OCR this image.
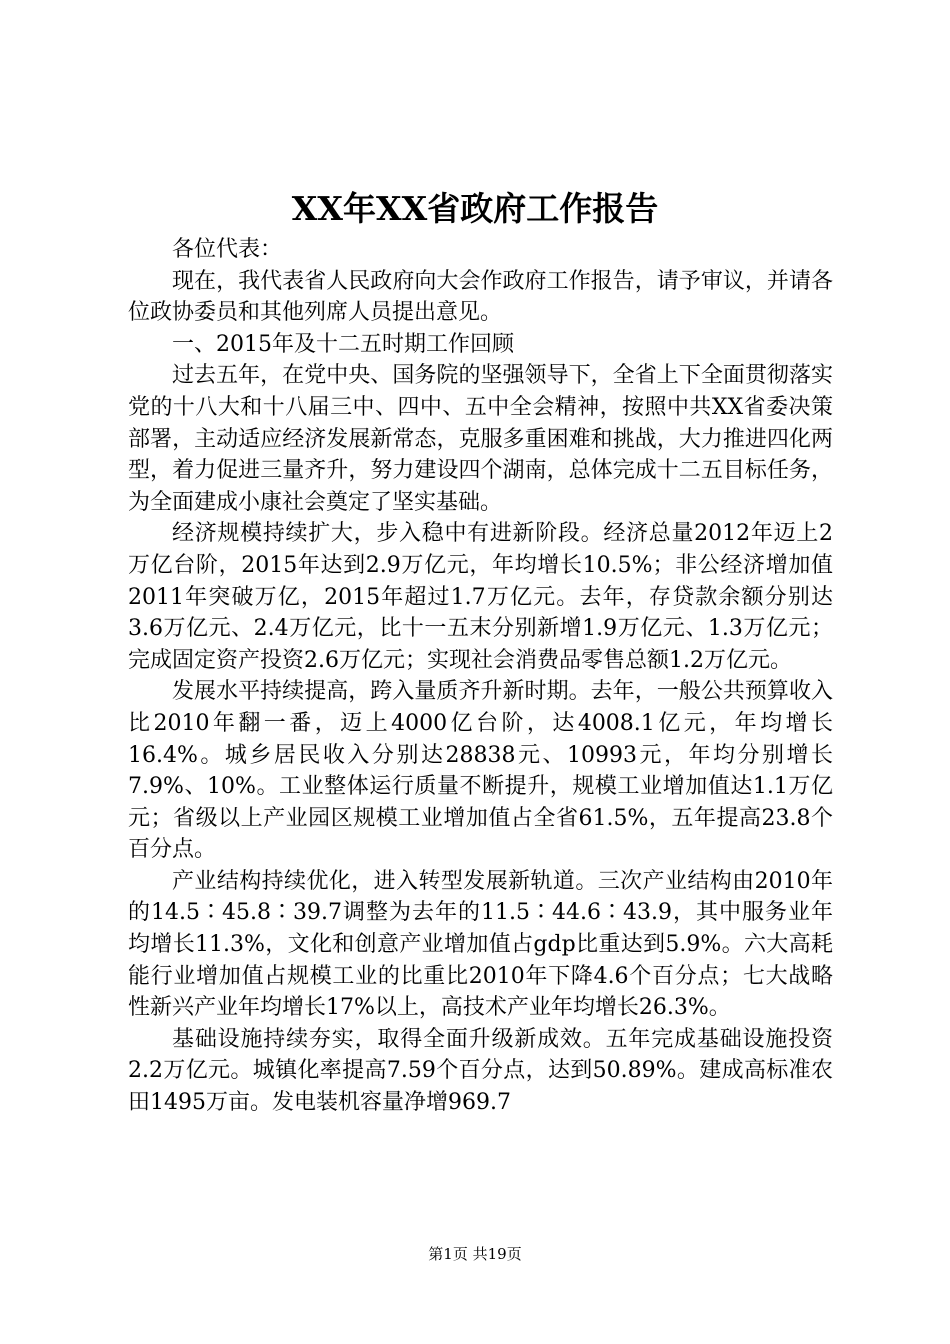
XX年XX省政府工作报告

各位代表：

现在，我代表省人民政府向大会作政府工作报告，请予审议，并请各位政协委员和其他列席人员提出意见。

一、2015年及十二五时期工作回顾

过去五年，在党中央、国务院的坚强领导下，全省上下全面贯彻落实党的十八大和十八届三中、四中、五中全会精神，按照中共XX省委决策部署，主动适应经济发展新常态，克服多重困难和挑战，大力推进四化两型，着力促进三量齐升，努力建设四个湖南，总体完成十二五目标任务，为全面建成小康社会奠定了坚实基础。

经济规模持续扩大，步入稳中有进新阶段。经济总量2012年迈上2万亿台阶，2015年达到2.9万亿元，年均增长10.5%；非公经济增加值2011年突破万亿，2015年超过1.7万亿元。去年，存贷款余额分别达3.6万亿元、2.4万亿元，比十一五末分别新增1.9万亿元、1.3万亿元；完成固定资产投资2.6万亿元；实现社会消费品零售总额1.2万亿元。

发展水平持续提高，跨入量质齐升新时期。去年，一般公共预算收入比2010年翻一番，迈上4000亿台阶，达4008.1亿元，年均增长16.4%。城乡居民收入分别达28838元、10993元，年均分别增长7.9%、10%。工业整体运行质量不断提升，规模工业增加值达1.1万亿元；省级以上产业园区规模工业增加值占全省61.5%，五年提高23.8个百分点。

产业结构持续优化，进入转型发展新轨道。三次产业结构由2010年的14.5∶45.8∶39.7调整为去年的11.5∶44.6∶43.9，其中服务业年均增长11.3%，文化和创意产业增加值占gdp比重达到5.9%。六大高耗能行业增加值占规模工业的比重比2010年下降4.6个百分点；七大战略性新兴产业年均增长17%以上，高技术产业年均增长26.3%。

基础设施持续夯实，取得全面升级新成效。五年完成基础设施投资2.2万亿元。城镇化率提高7.59个百分点，达到50.89%。建成高标准农田1495万亩。发电装机容量净增969.7

第1页 共19页
